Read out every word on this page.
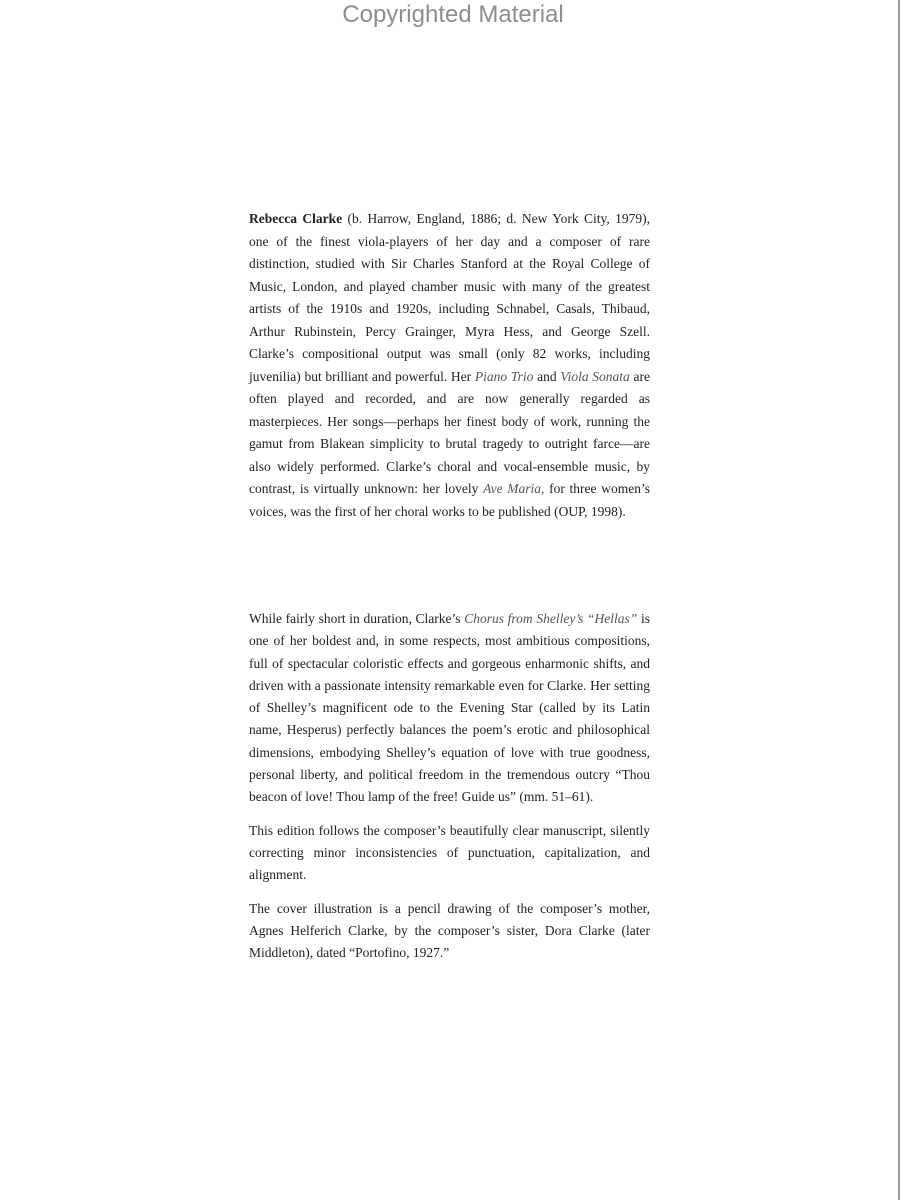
Copyrighted Material

Rebecca Clarke (b. Harrow, England, 1886; d. New York City, 1979), one of the finest viola-players of her day and a composer of rare distinction, studied with Sir Charles Stanford at the Royal College of Music, London, and played chamber music with many of the greatest artists of the 1910s and 1920s, including Schnabel, Casals, Thibaud, Arthur Rubinstein, Percy Grainger, Myra Hess, and George Szell. Clarke’s compositional output was small (only 82 works, including juvenilia) but brilliant and powerful. Her Piano Trio and Viola Sonata are often played and recorded, and are now generally regarded as masterpieces. Her songs—perhaps her finest body of work, running the gamut from Blakean simplicity to brutal tragedy to outright farce—are also widely performed. Clarke’s choral and vocal-ensemble music, by contrast, is virtually unknown: her lovely Ave Maria, for three women’s voices, was the first of her choral works to be published (OUP, 1998).

While fairly short in duration, Clarke’s Chorus from Shelley’s “Hellas” is one of her boldest and, in some respects, most ambitious compositions, full of spectacular coloristic effects and gorgeous enharmonic shifts, and driven with a passionate intensity remarkable even for Clarke. Her setting of Shelley’s magnificent ode to the Evening Star (called by its Latin name, Hesperus) perfectly balances the poem’s erotic and philosophical dimensions, embodying Shelley’s equation of love with true goodness, personal liberty, and political freedom in the tremendous outcry “Thou beacon of love! Thou lamp of the free! Guide us” (mm. 51–61).

This edition follows the composer’s beautifully clear manuscript, silently correcting minor inconsistencies of punctuation, capitalization, and alignment.

The cover illustration is a pencil drawing of the composer’s mother, Agnes Helferich Clarke, by the composer’s sister, Dora Clarke (later Middleton), dated “Portofino, 1927.”
